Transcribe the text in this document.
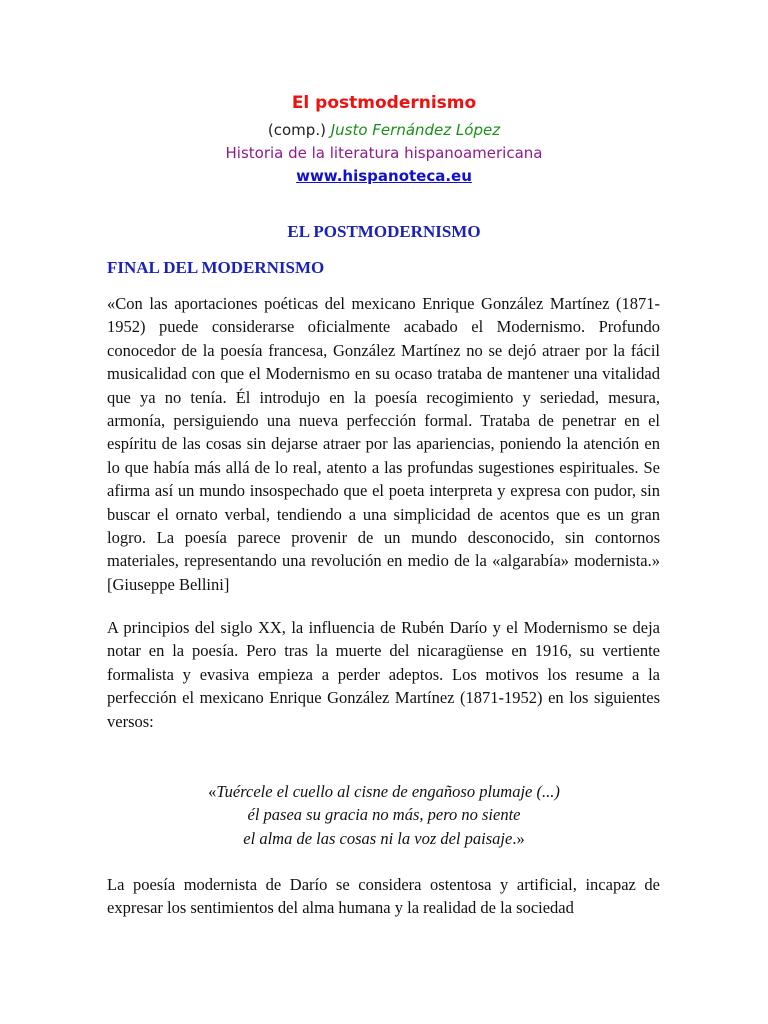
El postmodernismo
(comp.) Justo Fernández López
Historia de la literatura hispanoamericana
www.hispanoteca.eu
EL POSTMODERNISMO
FINAL DEL MODERNISMO

«Con las aportaciones poéticas del mexicano Enrique González Martínez (1871-1952) puede considerarse oficialmente acabado el Modernismo. Profundo conocedor de la poesía francesa, González Martínez no se dejó atraer por la fácil musicalidad con que el Modernismo en su ocaso trataba de mantener una vitalidad que ya no tenía. Él introdujo en la poesía recogimiento y seriedad, mesura, armonía, persiguiendo una nueva perfección formal. Trataba de penetrar en el espíritu de las cosas sin dejarse atraer por las apariencias, poniendo la atención en lo que había más allá de lo real, atento a las profundas sugestiones espirituales. Se afirma así un mundo insospechado que el poeta interpreta y expresa con pudor, sin buscar el ornato verbal, tendiendo a una simplicidad de acentos que es un gran logro. La poesía parece provenir de un mundo desconocido, sin contornos materiales, representando una revolución en medio de la «algarabía» modernista.» [Giuseppe Bellini]

A principios del siglo XX, la influencia de Rubén Darío y el Modernismo se deja notar en la poesía. Pero tras la muerte del nicaragüense en 1916, su vertiente formalista y evasiva empieza a perder adeptos. Los motivos los resume a la perfección el mexicano Enrique González Martínez (1871-1952) en los siguientes versos:

«Tuércele el cuello al cisne de engañoso plumaje (...)
él pasea su gracia no más, pero no siente
el alma de las cosas ni la voz del paisaje.»

La poesía modernista de Darío se considera ostentosa y artificial, incapaz de expresar los sentimientos del alma humana y la realidad de la sociedad
